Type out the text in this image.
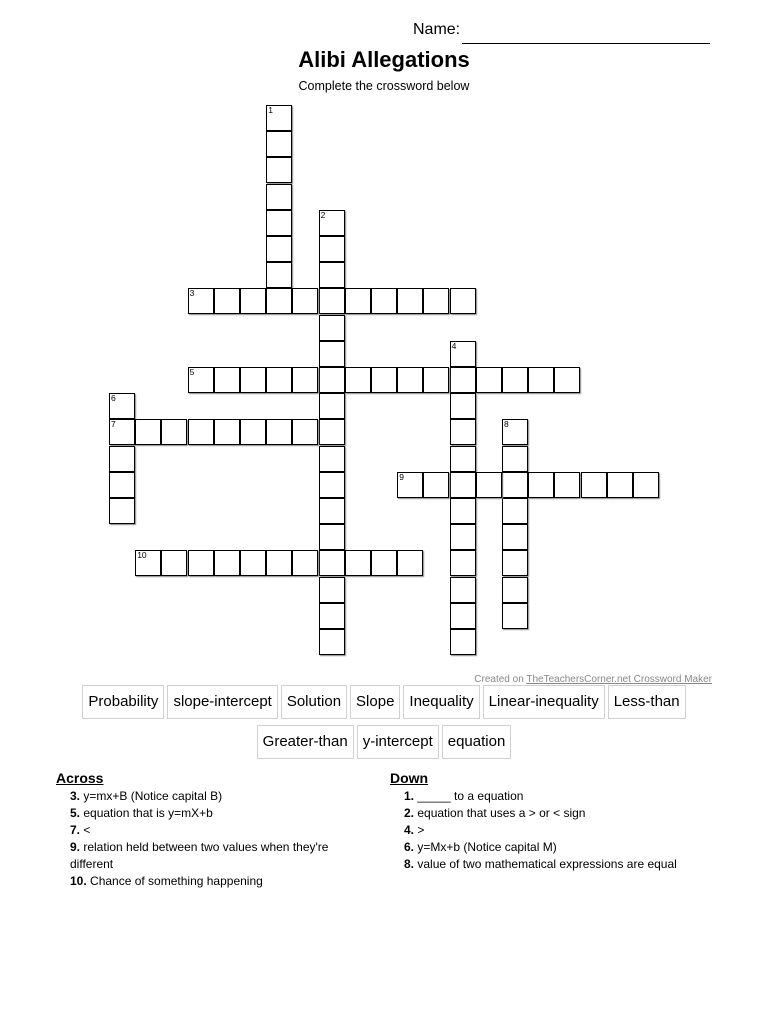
Name:
Alibi Allegations
Complete the crossword below
1
2
3
4
5
6
7	8
9
10
Created on TheTeachersCorner.net Crossword Maker
Probability	slope-intercept	Solution	Slope	Inequality	Linear-inequality	Less-than
Greater-than	y-intercept	equation
Across
3. y=mx+B (Notice capital B)
5. equation that is y=mX+b
7. <
9. relation held between two values when they're different
10. Chance of something happening
Down
1. _____ to a equation
2. equation that uses a > or < sign
4. >
6. y=Mx+b (Notice capital M)
8. value of two mathematical expressions are equal
